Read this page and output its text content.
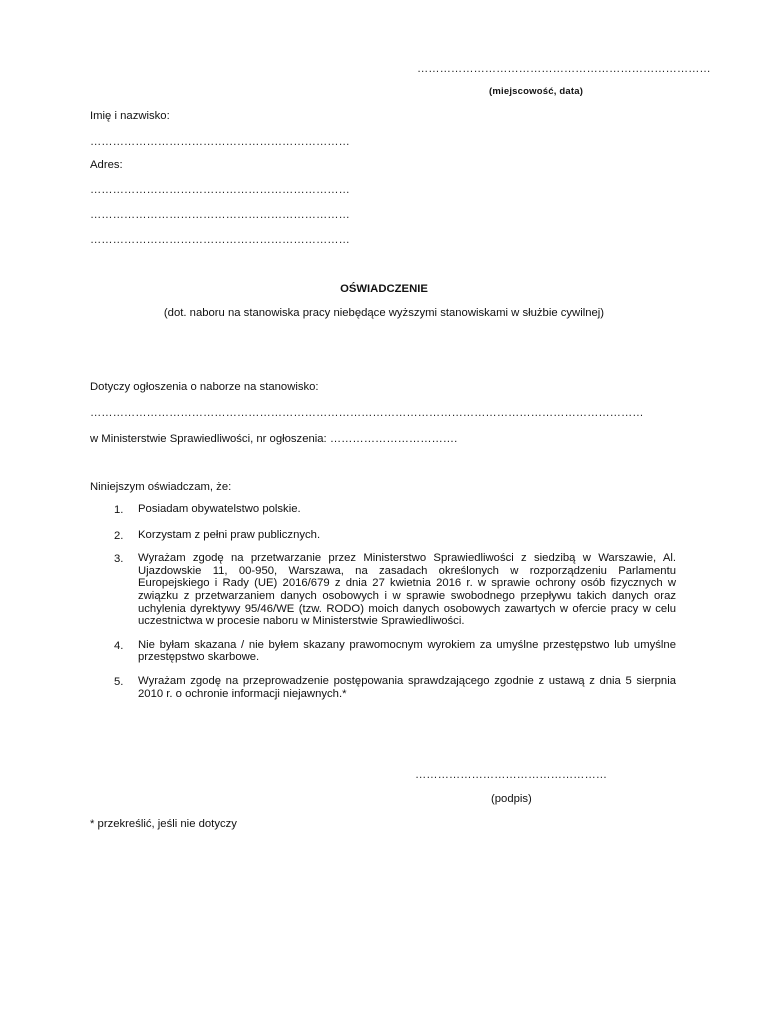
……………………………………………………………………
(miejscowość, data)
Imię i nazwisko:
……………………………………………………………
Adres:
……………………………………………………………
……………………………………………………………
……………………………………………………………
OŚWIADCZENIE
(dot. naboru na stanowiska pracy niebędące wyższymi stanowiskami w służbie cywilnej)
Dotyczy ogłoszenia o naborze na stanowisko:
…………………………………………………………………………………………………………………………………
w Ministerstwie Sprawiedliwości, nr ogłoszenia: …………………………….
Niniejszym oświadczam, że:
1. Posiadam obywatelstwo polskie.
2. Korzystam z pełni praw publicznych.
3. Wyrażam zgodę na przetwarzanie przez Ministerstwo Sprawiedliwości z siedzibą w Warszawie, Al. Ujazdowskie 11, 00-950, Warszawa, na zasadach określonych w rozporządzeniu Parlamentu Europejskiego i Rady (UE) 2016/679 z dnia 27 kwietnia 2016 r. w sprawie ochrony osób fizycznych w związku z przetwarzaniem danych osobowych i w sprawie swobodnego przepływu takich danych oraz uchylenia dyrektywy 95/46/WE (tzw. RODO) moich danych osobowych zawartych w ofercie pracy w celu uczestnictwa w procesie naboru w Ministerstwie Sprawiedliwości.
4. Nie byłam skazana / nie byłem skazany prawomocnym wyrokiem za umyślne przestępstwo lub umyślne przestępstwo skarbowe.
5. Wyrażam zgodę na przeprowadzenie postępowania sprawdzającego zgodnie z ustawą z dnia 5 sierpnia 2010 r. o ochronie informacji niejawnych.*
……………………………………………
(podpis)
* przekreślić, jeśli nie dotyczy
